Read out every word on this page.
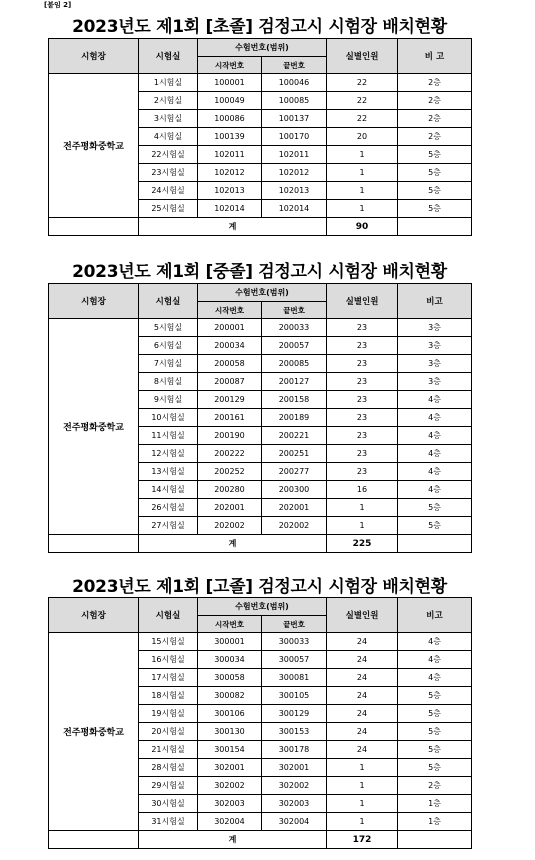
[붙임 2]
2023년도 제1회 [초졸] 검정고시 시험장 배치현황
시험장	시험실	수험번호(범위)		실별인원	비 고
		시작번호	끝번호		
전주평화중학교	1시험실	100001	100046	22	2층
	2시험실	100049	100085	22	2층
	3시험실	100086	100137	22	2층
	4시험실	100139	100170	20	2층
	22시험실	102011	102011	1	5층
	23시험실	102012	102012	1	5층
	24시험실	102013	102013	1	5층
	25시험실	102014	102014	1	5층
	계			90	
2023년도 제1회 [중졸] 검정고시 시험장 배치현황
시험장	시험실	수험번호(범위)		실별인원	비고
		시작번호	끝번호		
전주평화중학교	5시험실	200001	200033	23	3층
	6시험실	200034	200057	23	3층
	7시험실	200058	200085	23	3층
	8시험실	200087	200127	23	3층
	9시험실	200129	200158	23	4층
	10시험실	200161	200189	23	4층
	11시험실	200190	200221	23	4층
	12시험실	200222	200251	23	4층
	13시험실	200252	200277	23	4층
	14시험실	200280	200300	16	4층
	26시험실	202001	202001	1	5층
	27시험실	202002	202002	1	5층
	계			225	
2023년도 제1회 [고졸] 검정고시 시험장 배치현황
시험장	시험실	수험번호(범위)		실별인원	비고
		시작번호	끝번호		
전주평화중학교	15시험실	300001	300033	24	4층
	16시험실	300034	300057	24	4층
	17시험실	300058	300081	24	4층
	18시험실	300082	300105	24	5층
	19시험실	300106	300129	24	5층
	20시험실	300130	300153	24	5층
	21시험실	300154	300178	24	5층
	28시험실	302001	302001	1	5층
	29시험실	302002	302002	1	2층
	30시험실	302003	302003	1	1층
	31시험실	302004	302004	1	1층
	계			172	
